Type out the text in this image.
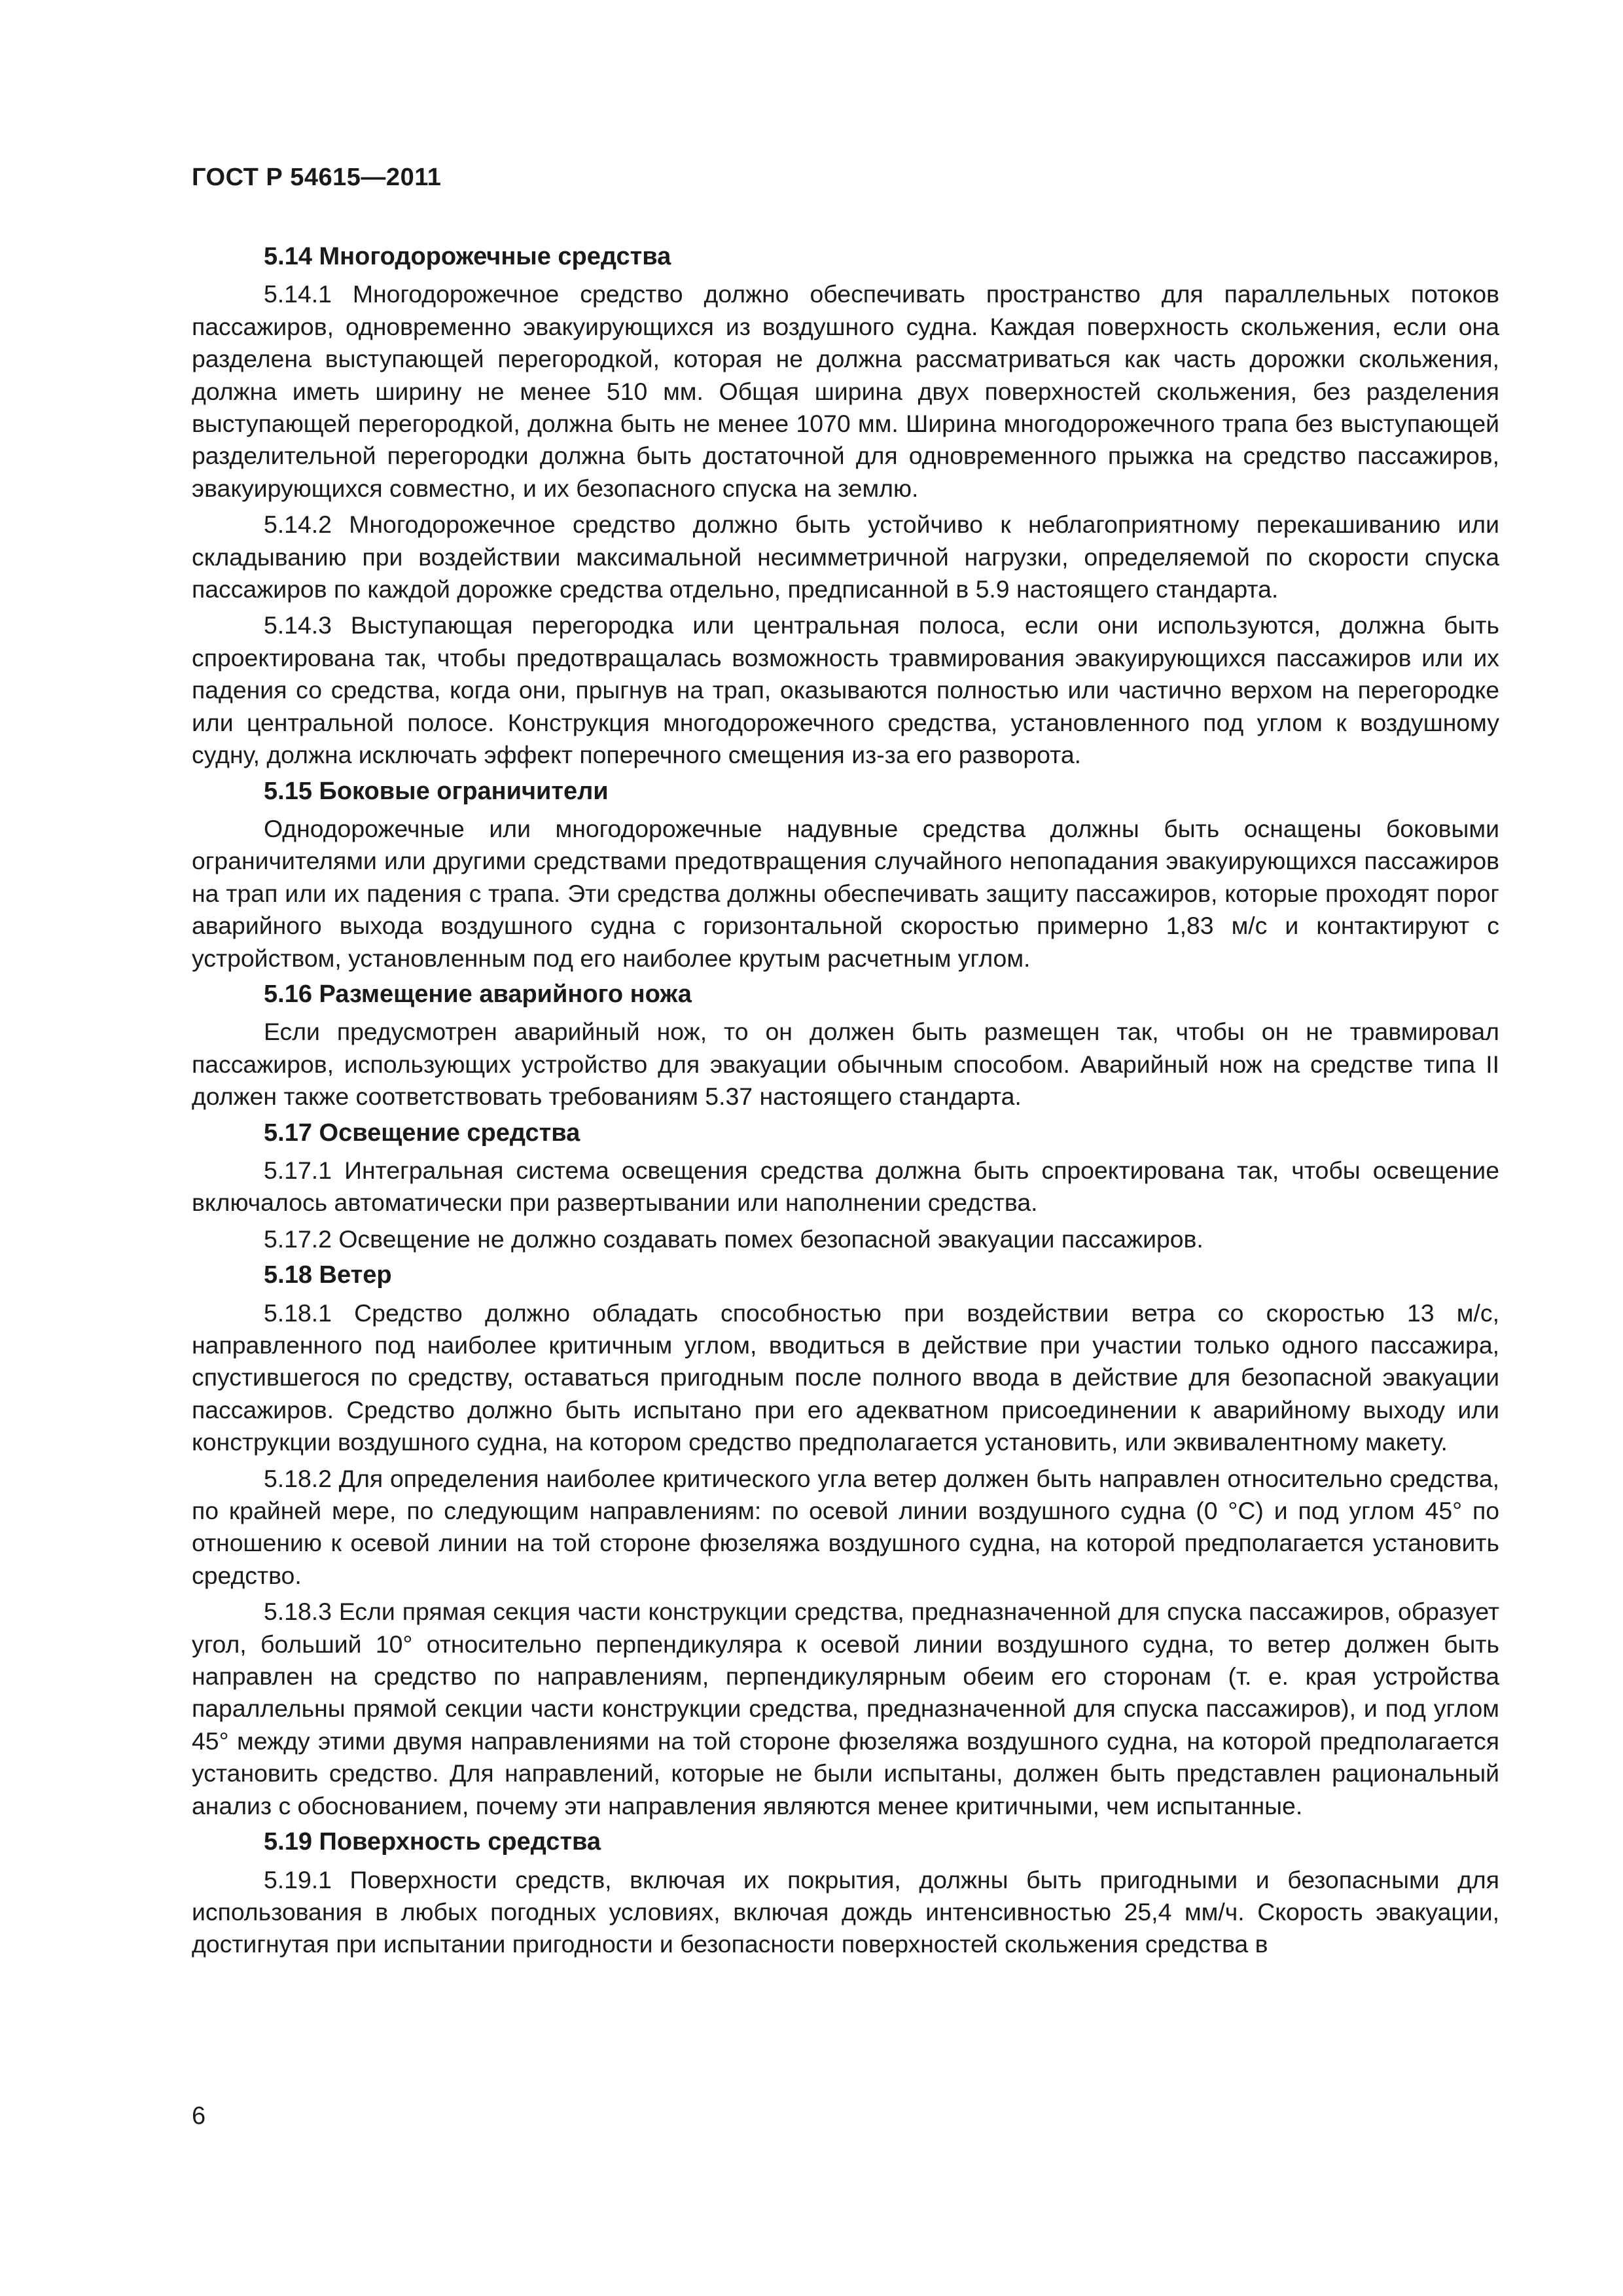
ГОСТ Р 54615—2011

5.14 Многодорожечные средства

5.14.1 Многодорожечное средство должно обеспечивать пространство для параллельных потоков пассажиров, одновременно эвакуирующихся из воздушного судна. Каждая поверхность скольжения, если она разделена выступающей перегородкой, которая не должна рассматриваться как часть дорожки скольжения, должна иметь ширину не менее 510 мм. Общая ширина двух поверхностей скольжения, без разделения выступающей перегородкой, должна быть не менее 1070 мм. Ширина многодорожечного трапа без выступающей разделительной перегородки должна быть достаточной для одновременного прыжка на средство пассажиров, эвакуирующихся совместно, и их безопасного спуска на землю.

5.14.2 Многодорожечное средство должно быть устойчиво к неблагоприятному перекашиванию или складыванию при воздействии максимальной несимметричной нагрузки, определяемой по скорости спуска пассажиров по каждой дорожке средства отдельно, предписанной в 5.9 настоящего стандарта.

5.14.3 Выступающая перегородка или центральная полоса, если они используются, должна быть спроектирована так, чтобы предотвращалась возможность травмирования эвакуирующихся пассажиров или их падения со средства, когда они, прыгнув на трап, оказываются полностью или частично верхом на перегородке или центральной полосе. Конструкция многодорожечного средства, установленного под углом к воздушному судну, должна исключать эффект поперечного смещения из-за его разворота.

5.15 Боковые ограничители

Однодорожечные или многодорожечные надувные средства должны быть оснащены боковыми ограничителями или другими средствами предотвращения случайного непопадания эвакуирующихся пассажиров на трап или их падения с трапа. Эти средства должны обеспечивать защиту пассажиров, которые проходят порог аварийного выхода воздушного судна с горизонтальной скоростью примерно 1,83 м/с и контактируют с устройством, установленным под его наиболее крутым расчетным углом.

5.16 Размещение аварийного ножа

Если предусмотрен аварийный нож, то он должен быть размещен так, чтобы он не травмировал пассажиров, использующих устройство для эвакуации обычным способом. Аварийный нож на средстве типа II должен также соответствовать требованиям 5.37 настоящего стандарта.

5.17 Освещение средства

5.17.1 Интегральная система освещения средства должна быть спроектирована так, чтобы освещение включалось автоматически при развертывании или наполнении средства.

5.17.2 Освещение не должно создавать помех безопасной эвакуации пассажиров.

5.18 Ветер

5.18.1 Средство должно обладать способностью при воздействии ветра со скоростью 13 м/с, направленного под наиболее критичным углом, вводиться в действие при участии только одного пассажира, спустившегося по средству, оставаться пригодным после полного ввода в действие для безопасной эвакуации пассажиров. Средство должно быть испытано при его адекватном присоединении к аварийному выходу или конструкции воздушного судна, на котором средство предполагается установить, или эквивалентному макету.

5.18.2 Для определения наиболее критического угла ветер должен быть направлен относительно средства, по крайней мере, по следующим направлениям: по осевой линии воздушного судна (0 °С) и под углом 45° по отношению к осевой линии на той стороне фюзеляжа воздушного судна, на которой предполагается установить средство.

5.18.3 Если прямая секция части конструкции средства, предназначенной для спуска пассажиров, образует угол, больший 10° относительно перпендикуляра к осевой линии воздушного судна, то ветер должен быть направлен на средство по направлениям, перпендикулярным обеим его сторонам (т. е. края устройства параллельны прямой секции части конструкции средства, предназначенной для спуска пассажиров), и под углом 45° между этими двумя направлениями на той стороне фюзеляжа воздушного судна, на которой предполагается установить средство. Для направлений, которые не были испытаны, должен быть представлен рациональный анализ с обоснованием, почему эти направления являются менее критичными, чем испытанные.

5.19 Поверхность средства

5.19.1 Поверхности средств, включая их покрытия, должны быть пригодными и безопасными для использования в любых погодных условиях, включая дождь интенсивностью 25,4 мм/ч. Скорость эвакуации, достигнутая при испытании пригодности и безопасности поверхностей скольжения средства в

6
